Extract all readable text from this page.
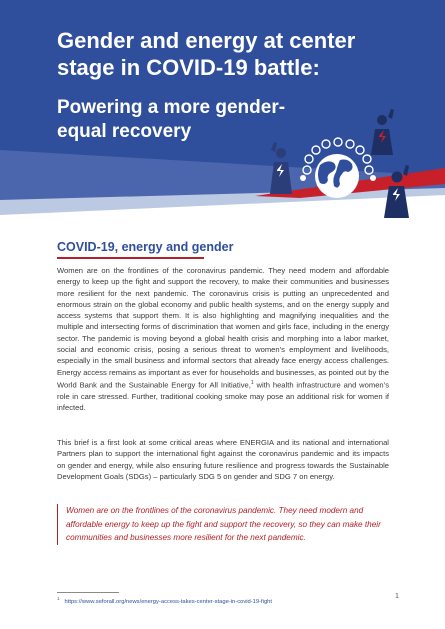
Gender and energy at center stage in COVID-19 battle:
Powering a more gender-equal recovery
COVID-19, energy and gender

Women are on the frontlines of the coronavirus pandemic. They need modern and affordable energy to keep up the fight and support the recovery, to make their communities and businesses more resilient for the next pandemic. The coronavirus crisis is putting an unprecedented and enormous strain on the global economy and public health systems, and on the energy supply and access systems that support them. It is also highlighting and magnifying inequalities and the multiple and intersecting forms of discrimination that women and girls face, including in the energy sector. The pandemic is moving beyond a global health crisis and morphing into a labor market, social and economic crisis, posing a serious threat to women’s employment and livelihoods, especially in the small business and informal sectors that already face energy access challenges. Energy access remains as important as ever for households and businesses, as pointed out by the World Bank and the Sustainable Energy for All Initiative,$^1$ with health infrastructure and women’s role in care stressed. Further, traditional cooking smoke may pose an additional risk for women if infected.

This brief is a first look at some critical areas where ENERGIA and its national and international Partners plan to support the international fight against the coronavirus pandemic and its impacts on gender and energy, while also ensuring future resilience and progress towards the Sustainable Development Goals (SDGs) – particularly SDG 5 on gender and SDG 7 on energy.

Women are on the frontlines of the coronavirus pandemic. They need modern and affordable energy to keep up the fight and support the recovery, so they can make their communities and businesses more resilient for the next pandemic.

$^1$https://www.seforall.org/news/energy-access-takes-center-stage-in-covid-19-fight

1
